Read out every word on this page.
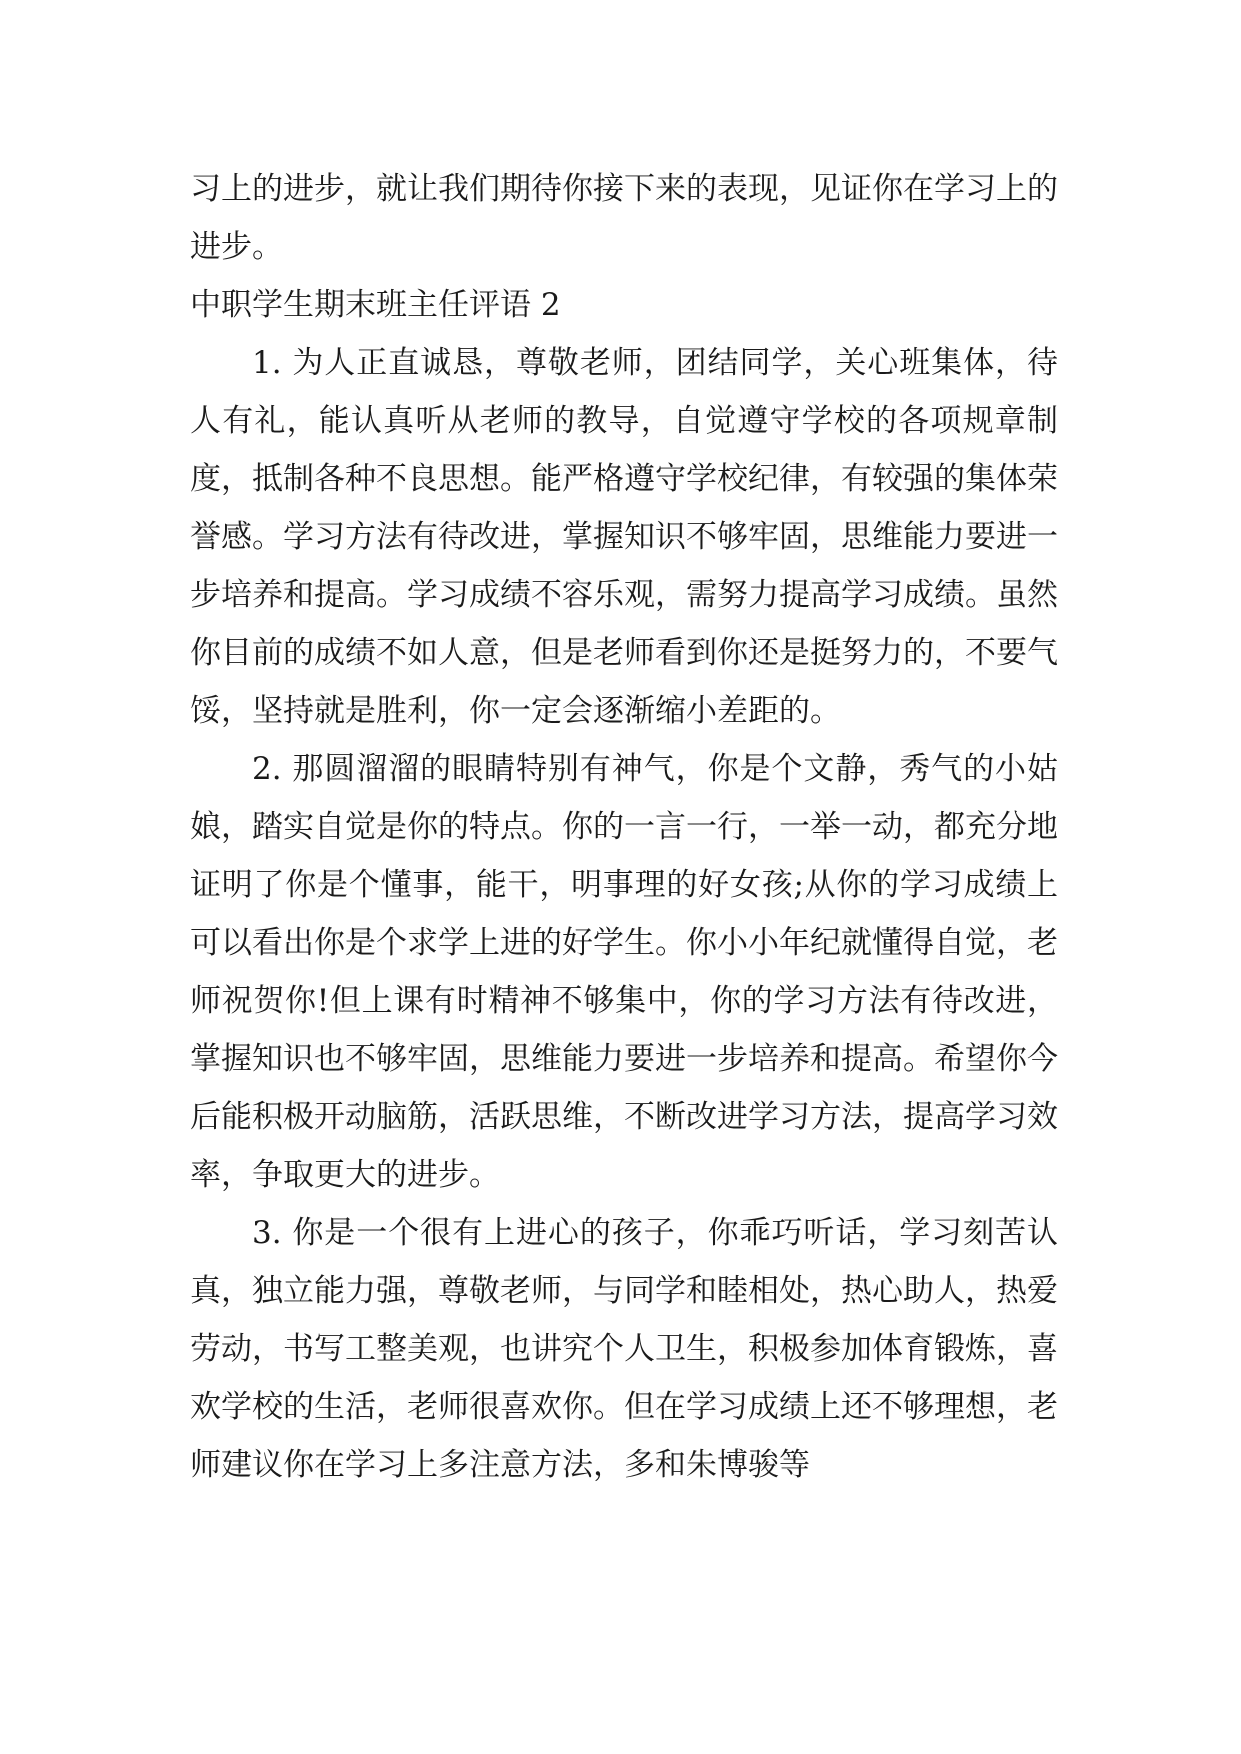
习上的进步，就让我们期待你接下来的表现，见证你在学习上的进步。

中职学生期末班主任评语 2

1. 为人正直诚恳，尊敬老师，团结同学，关心班集体，待人有礼，能认真听从老师的教导，自觉遵守学校的各项规章制度，抵制各种不良思想。能严格遵守学校纪律，有较强的集体荣誉感。学习方法有待改进，掌握知识不够牢固，思维能力要进一步培养和提高。学习成绩不容乐观，需努力提高学习成绩。虽然你目前的成绩不如人意，但是老师看到你还是挺努力的，不要气馁，坚持就是胜利，你一定会逐渐缩小差距的。

2. 那圆溜溜的眼睛特别有神气，你是个文静，秀气的小姑娘，踏实自觉是你的特点。你的一言一行，一举一动，都充分地证明了你是个懂事，能干，明事理的好女孩;从你的学习成绩上可以看出你是个求学上进的好学生。你小小年纪就懂得自觉，老师祝贺你!但上课有时精神不够集中，你的学习方法有待改进，掌握知识也不够牢固，思维能力要进一步培养和提高。希望你今后能积极开动脑筋，活跃思维，不断改进学习方法，提高学习效率，争取更大的进步。

3. 你是一个很有上进心的孩子，你乖巧听话，学习刻苦认真，独立能力强，尊敬老师，与同学和睦相处，热心助人，热爱劳动，书写工整美观，也讲究个人卫生，积极参加体育锻炼，喜欢学校的生活，老师很喜欢你。但在学习成绩上还不够理想，老师建议你在学习上多注意方法，多和朱博骏等
